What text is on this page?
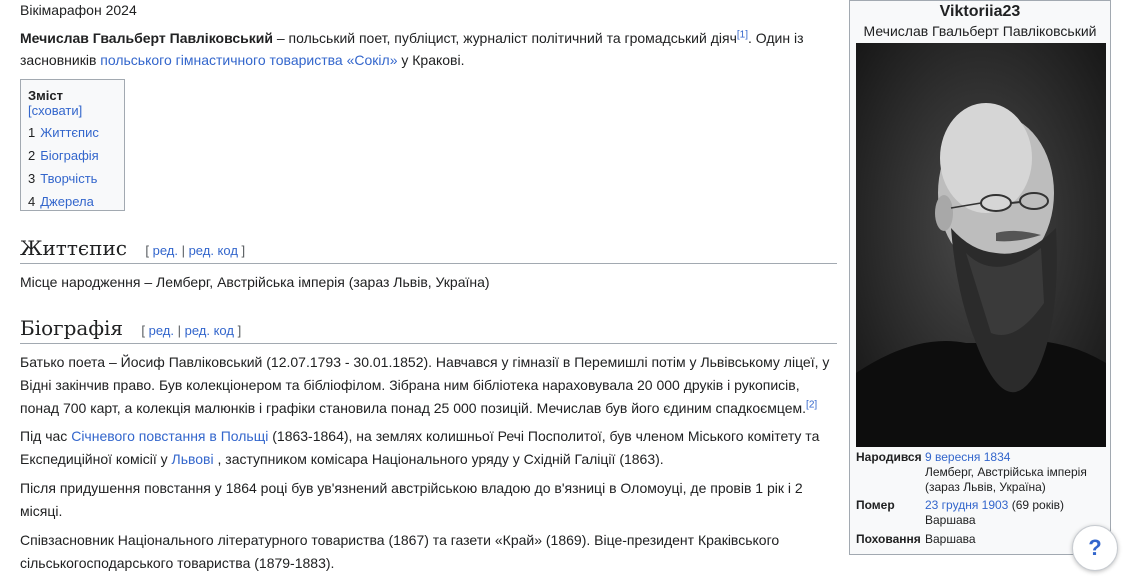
Вікімарафон 2024
Мечислав Гвальберт Павліковський – польський поет, публіцист, журналіст політичний та громадський діяч[1]. Один із засновників польського гімнастичного товариства «Сокіл» у Кракові.
Зміст [сховати]
1 Життєпис
2 Біографія
3 Творчість
4 Джерела
Життєпис [ ред. | ред. код ]
Місце народження – Лемберг, Австрійська імперія (зараз Львів, Україна)
Біографія [ ред. | ред. код ]
Батько поета – Йосиф Павліковський (12.07.1793 - 30.01.1852). Навчався у гімназії в Перемишлі потім у Львівському ліцеї, у Відні закінчив право. Був колекціонером та бібліофілом. Зібрана ним бібліотека нараховувала 20 000 друків і рукописів, понад 700 карт, а колекція малюнків і графіки становила понад 25 000 позицій. Мечислав був його єдиним спадкоємцем.[2]
Під час Січневого повстання в Польщі (1863-1864), на землях колишньої Речі Посполитої, був членом Міського комітету та Експедиційної комісії у Львові , заступником комісара Національного уряду у Східній Галіції (1863).
Після придушення повстання у 1864 році був ув'язнений австрійською владою до в'язниці в Оломоуці, де провів 1 рік і 2 місяці.
Співзасновник Національного літературного товариства (1867) та газети «Край» (1869). Віце-президент Краківського сільськогосподарського товариства (1879-1883).
Viktoriia23
Мечислав Гвальберт Павліковський
Народився 9 вересня 1834
Лемберг, Австрійська імперія (зараз Львів, Україна)
Помер	23 грудня 1903 (69 років)
Варшава
Поховання Варшава	?
